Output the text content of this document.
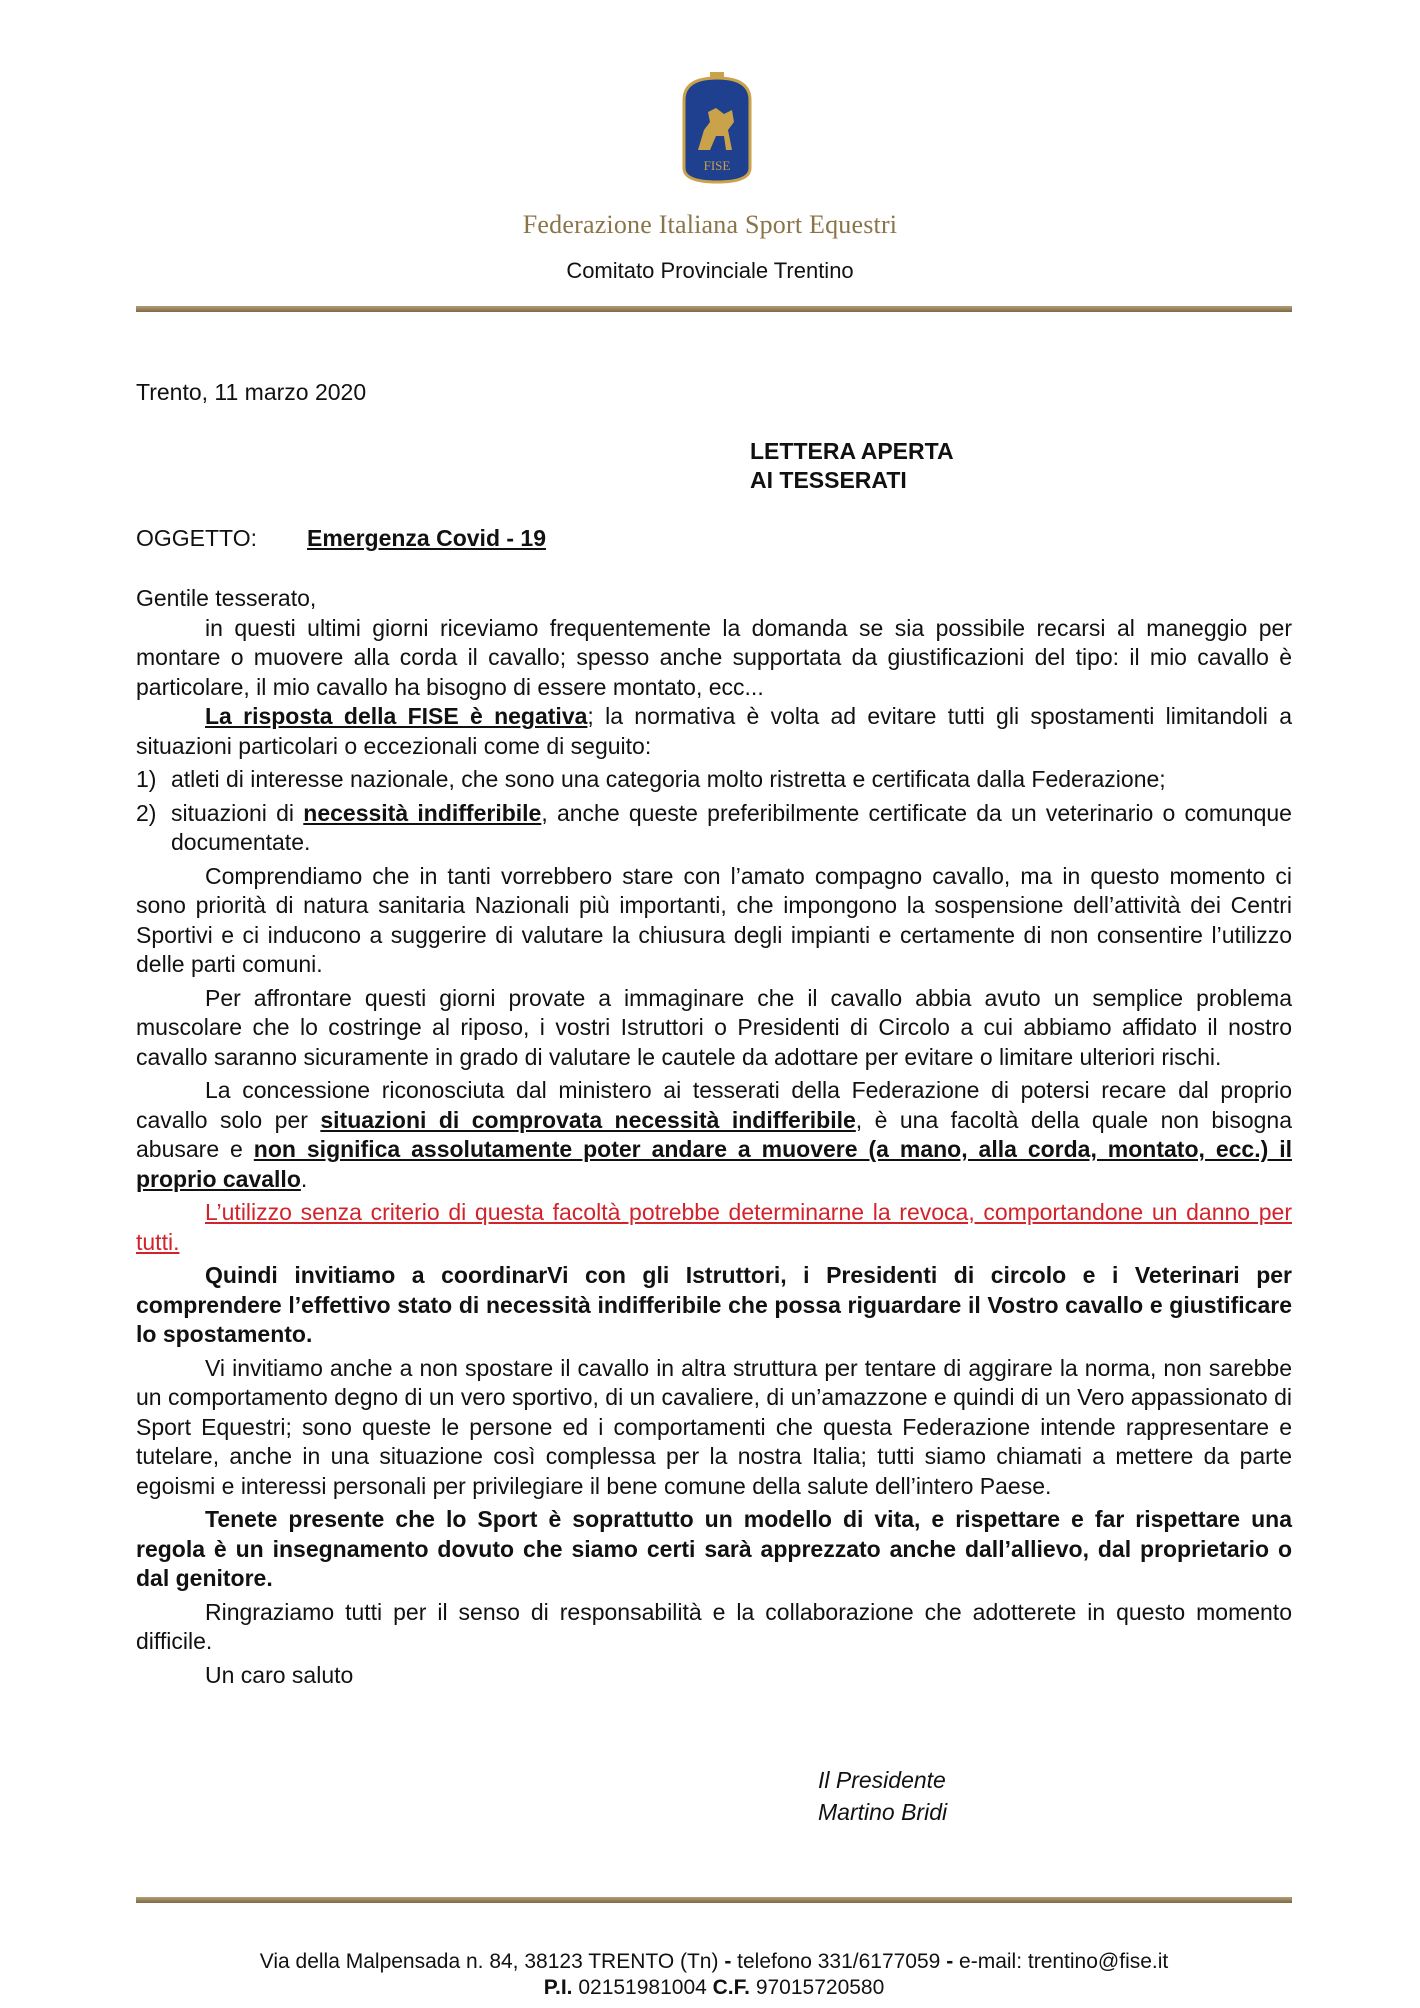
FISE
Federazione Italiana Sport Equestri
Comitato Provinciale Trentino
Trento, 11 marzo 2020
LETTERA APERTA
AI TESSERATI
OGGETTO: Emergenza Covid - 19

Gentile tesserato,

in questi ultimi giorni riceviamo frequentemente la domanda se sia possibile recarsi al maneggio per montare o muovere alla corda il cavallo; spesso anche supportata da giustificazioni del tipo: il mio cavallo è particolare, il mio cavallo ha bisogno di essere montato, ecc...

La risposta della FISE è negativa; la normativa è volta ad evitare tutti gli spostamenti limitandoli a situazioni particolari o eccezionali come di seguito:

1) atleti di interesse nazionale, che sono una categoria molto ristretta e certificata dalla Federazione;
2) situazioni di necessità indifferibile, anche queste preferibilmente certificate da un veterinario o comunque documentate.

Comprendiamo che in tanti vorrebbero stare con l’amato compagno cavallo, ma in questo momento ci sono priorità di natura sanitaria Nazionali più importanti, che impongono la sospensione dell’attività dei Centri Sportivi e ci inducono a suggerire di valutare la chiusura degli impianti e certamente di non consentire l’utilizzo delle parti comuni.

Per affrontare questi giorni provate a immaginare che il cavallo abbia avuto un semplice problema muscolare che lo costringe al riposo, i vostri Istruttori o Presidenti di Circolo a cui abbiamo affidato il nostro cavallo saranno sicuramente in grado di valutare le cautele da adottare per evitare o limitare ulteriori rischi.

La concessione riconosciuta dal ministero ai tesserati della Federazione di potersi recare dal proprio cavallo solo per situazioni di comprovata necessità indifferibile, è una facoltà della quale non bisogna abusare e non significa assolutamente poter andare a muovere (a mano, alla corda, montato, ecc.) il proprio cavallo.

L’utilizzo senza criterio di questa facoltà potrebbe determinarne la revoca, comportandone un danno per tutti.

Quindi invitiamo a coordinarVi con gli Istruttori, i Presidenti di circolo e i Veterinari per comprendere l’effettivo stato di necessità indifferibile che possa riguardare il Vostro cavallo e giustificare lo spostamento.

Vi invitiamo anche a non spostare il cavallo in altra struttura per tentare di aggirare la norma, non sarebbe un comportamento degno di un vero sportivo, di un cavaliere, di un’amazzone e quindi di un Vero appassionato di Sport Equestri; sono queste le persone ed i comportamenti che questa Federazione intende rappresentare e tutelare, anche in una situazione così complessa per la nostra Italia; tutti siamo chiamati a mettere da parte egoismi e interessi personali per privilegiare il bene comune della salute dell’intero Paese.

Tenete presente che lo Sport è soprattutto un modello di vita, e rispettare e far rispettare una regola è un insegnamento dovuto che siamo certi sarà apprezzato anche dall’allievo, dal proprietario o dal genitore.

Ringraziamo tutti per il senso di responsabilità e la collaborazione che adotterete in questo momento difficile.

Un caro saluto

Il Presidente
Martino Bridi
Via della Malpensada n. 84, 38123 TRENTO (Tn) - telefono 331/6177059 - e-mail: trentino@fise.it
P.I. 02151981004 C.F. 97015720580
